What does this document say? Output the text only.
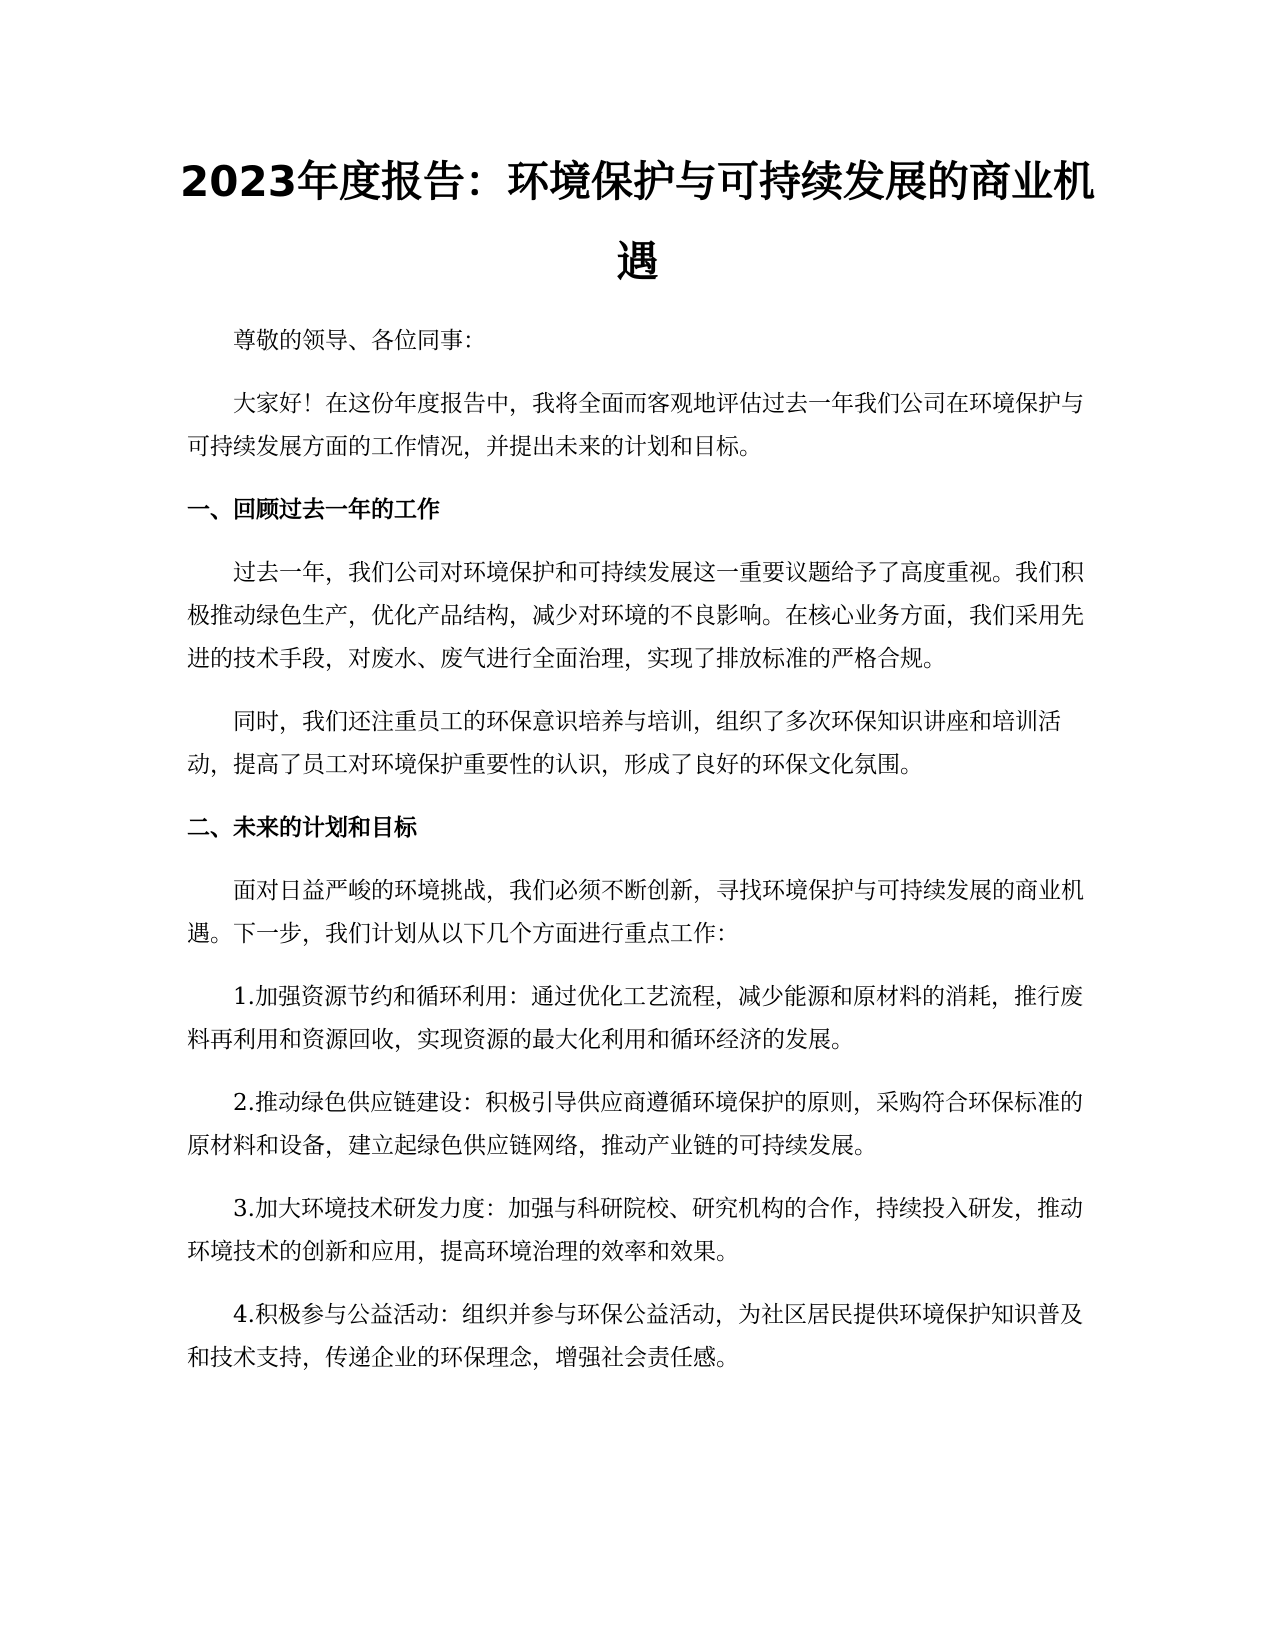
2023年度报告：环境保护与可持续发展的商业机遇

尊敬的领导、各位同事：

大家好！在这份年度报告中，我将全面而客观地评估过去一年我们公司在环境保护与可持续发展方面的工作情况，并提出未来的计划和目标。

一、回顾过去一年的工作

过去一年，我们公司对环境保护和可持续发展这一重要议题给予了高度重视。我们积极推动绿色生产，优化产品结构，减少对环境的不良影响。在核心业务方面，我们采用先进的技术手段，对废水、废气进行全面治理，实现了排放标准的严格合规。

同时，我们还注重员工的环保意识培养与培训，组织了多次环保知识讲座和培训活动，提高了员工对环境保护重要性的认识，形成了良好的环保文化氛围。

二、未来的计划和目标

面对日益严峻的环境挑战，我们必须不断创新，寻找环境保护与可持续发展的商业机遇。下一步，我们计划从以下几个方面进行重点工作：

1.加强资源节约和循环利用：通过优化工艺流程，减少能源和原材料的消耗，推行废料再利用和资源回收，实现资源的最大化利用和循环经济的发展。

2.推动绿色供应链建设：积极引导供应商遵循环境保护的原则，采购符合环保标准的原材料和设备，建立起绿色供应链网络，推动产业链的可持续发展。

3.加大环境技术研发力度：加强与科研院校、研究机构的合作，持续投入研发，推动环境技术的创新和应用，提高环境治理的效率和效果。

4.积极参与公益活动：组织并参与环保公益活动，为社区居民提供环境保护知识普及和技术支持，传递企业的环保理念，增强社会责任感。
